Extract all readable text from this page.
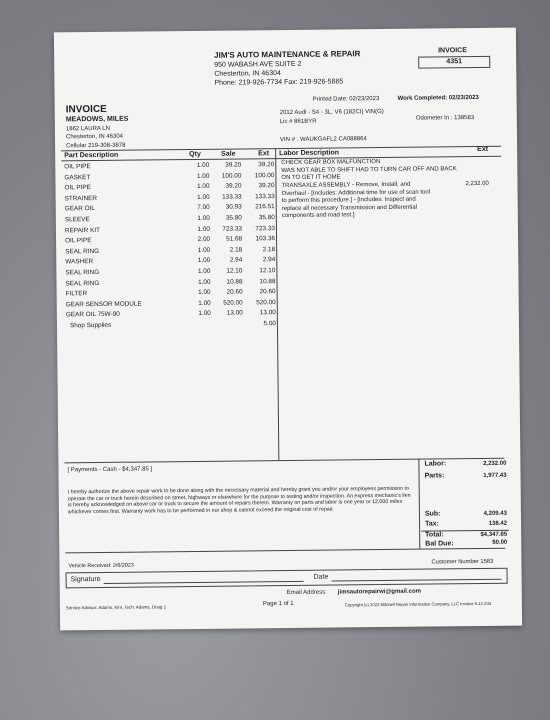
JIM'S AUTO MAINTENANCE & REPAIR
950 WABASH AVE SUITE 2
Chesterton, IN 46304
Phone: 219-926-7734 Fax: 219-926-5885
INVOICE
4351
Printed Date: 02/23/2023	Work Completed: 02/23/2023
INVOICE
MEADOWS, MILES
1862 LAURA LN
Chesterton, IN 46304
Cellular 219-308-3878
2012 Audi - S4 - 3L, V6 (182CI) VIN(G)
Lic # 861BYR
Odometer In : 138583
VIN # : WAUKGAFL2 CA088864
Part Description	Qty	Sale	Ext Labor Description
Ext
OIL PIPE	1.00	39.20	39.20
GASKET	1.00	100.00	100.00
OIL PIPE	1.00	39.20	39.20
STRAINER	1.00	133.33	133.33
GEAR OIL	7.00	30.93	216.51
SLEEVE	1.00	35.80	35.80
REPAIR KIT	1.00	723.33	723.33
OIL PIPE	2.00	51.68	103.36
SEAL RING	1.00	2.18	2.18
WASHER	1.00	2.94	2.94
SEAL RING	1.00	12.10	12.10
SEAL RING	1.00	10.88	10.88
FILTER	1.00	20.60	20.60
GEAR SENSOR MODULE	1.00	520.00	520.00
GEAR OIL 75W-90	1.00	13.00	13.00
Shop Supplies	5.00
CHECK GEAR BOX MALFUNCTION
WAS NOT ABLE TO SHIFT HAD TO TURN CAR OFF AND BACK
ON TO GET IT HOME
TRANSAXLE ASSEMBLY - Remove, Install, and
Overhaul - [Includes: Additional time for use of scan tool
to perform this procedure.] - [Includes: Inspect and
replace all necessary Transmission and Differential
components and road test.]
2,232.00
[ Payments - Cash - $4,347.85 ]
I hereby authorize the above repair work to be done along with the necessary material and hereby grant you and/or your employees permission to operate the car or truck herein described on street, highways or elsewhere for the purpose to testing and/or inspection. An express mechanic's lien is hereby acknowledged on above car or truck to secure the amount of repairs thereto. Warranty on parts and labor is one year or 12,000 miles whichever comes first. Warranty work has to be performed in our shop & cannot exceed the original cost of repair.
Labor:	2,232.00
Parts:	1,977.43
Sub:	4,209.43
Tax:	138.42
Total:	$4,347.85
Bal Due:	$0.00
Vehicle Received: 2/6/2023
Customer Number 1583
Signature	Date
Email Address: jimsautorepairwi@gmail.com
Service Advisor: Adams, Kim, Tech: Adams, Doug 1
Page 1 of 1	Copyright (c) 2023 Mitchell Repair Information Company, LLC Invoice 5.12.23d
